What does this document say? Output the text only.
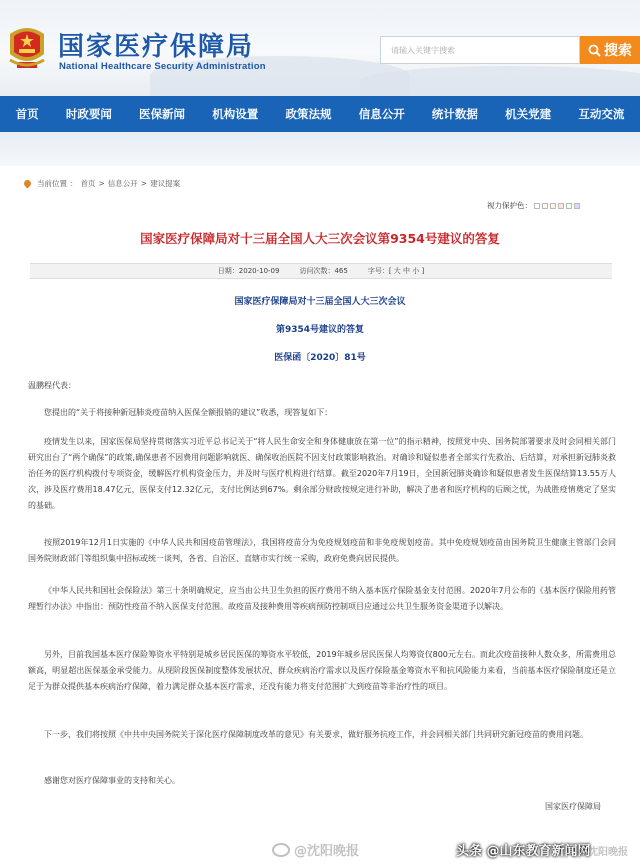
国家医疗保障局
National Healthcare Security Administration
请输入关键字搜索	搜索
首页 时政要闻 医保新闻 机构设置 政策法规 信息公开 统计数据 机关党建 互动交流
当前位置 ： 首页 > 信息公开 > 建议提案
视力保护色：
国家医疗保障局对十三届全国人大三次会议第9354号建议的答复
日期：2020-10-09	访问次数：465	字号：[ 大 中 小 ]
国家医疗保障局对十三届全国人大三次会议
第9354号建议的答复
医保函〔2020〕81号
温鹏程代表：
您提出的“关于将接种新冠肺炎疫苗纳入医保全额报销的建议”收悉，现答复如下：
疫情发生以来，国家医保局坚持贯彻落实习近平总书记关于“将人民生命安全和身体健康放在第一位”的指示精神，按照党中央、国务院部署要求及时会同相关部门研究出台了“两个确保”的政策,确保患者不因费用问题影响就医、确保收治医院不因支付政策影响救治。对确诊和疑似患者全部实行先救治、后结算，对承担新冠肺炎救治任务的医疗机构拨付专项资金，缓解医疗机构资金压力，并及时与医疗机构进行结算。截至2020年7月19日，全国新冠肺炎确诊和疑似患者发生医保结算13.55万人次，涉及医疗费用18.47亿元，医保支付12.32亿元，支付比例达到67%。剩余部分财政按规定进行补助，解决了患者和医疗机构的后顾之忧，为战胜疫情奠定了坚实的基础。
按照2019年12月1日实施的《中华人民共和国疫苗管理法》，我国将疫苗分为免疫规划疫苗和非免疫规划疫苗。其中免疫规划疫苗由国务院卫生健康主管部门会同国务院财政部门等组织集中招标或统一谈判，各省、自治区、直辖市实行统一采购，政府免费向居民提供。
《中华人民共和国社会保险法》第三十条明确规定，应当由公共卫生负担的医疗费用不纳入基本医疗保险基金支付范围。2020年7月公布的《基本医疗保险用药管理暂行办法》中指出：预防性疫苗不纳入医保支付范围。故疫苗及接种费用等疾病预防控制项目应通过公共卫生服务资金渠道予以解决。
另外，目前我国基本医疗保险筹资水平特别是城乡居民医保的筹资水平较低，2019年城乡居民医保人均筹资仅800元左右。而此次疫苗接种人数众多，所需费用总额高，明显超出医保基金承受能力。从现阶段医保制度整体发展状况、群众疾病治疗需求以及医疗保险基金筹资水平和抗风险能力来看，当前基本医疗保险制度还是立足于为群众提供基本疾病治疗保障，着力满足群众基本医疗需求，还没有能力将支付范围扩大到疫苗等非治疗性的项目。
下一步，我们将按照《中共中央国务院关于深化医疗保障制度改革的意见》有关要求，做好服务抗疫工作，并会同相关部门共同研究新冠疫苗的费用问题。
感谢您对医疗保障事业的支持和关心。
国家医疗保障局
@沈阳晚报	头条 @山东教育新闻网
@沈阳晚报
